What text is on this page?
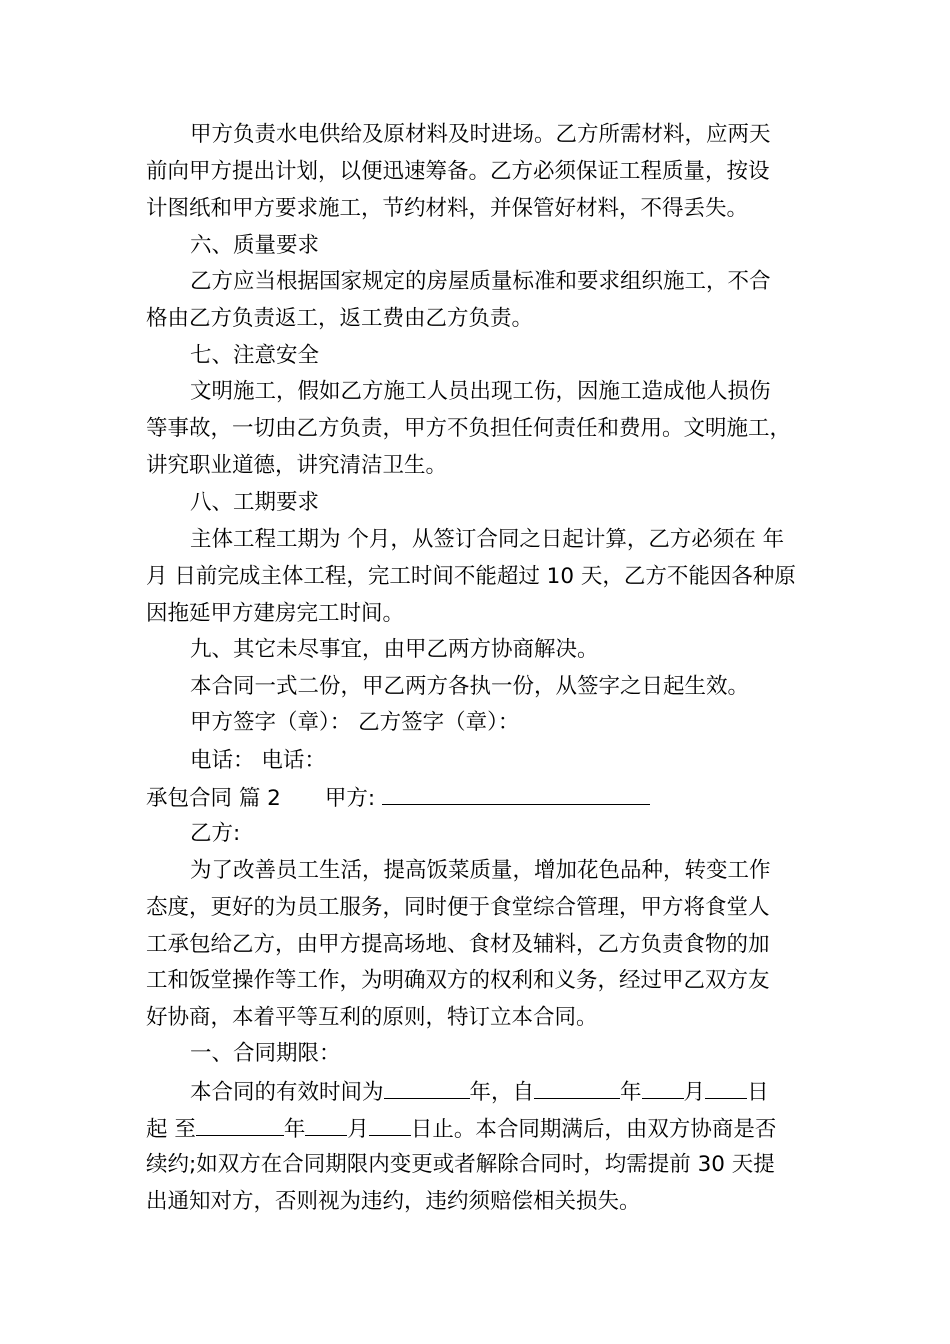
甲方负责水电供给及原材料及时进场。乙方所需材料，应两天
前向甲方提出计划，以便迅速筹备。乙方必须保证工程质量，按设
计图纸和甲方要求施工，节约材料，并保管好材料，不得丢失。
六、质量要求
乙方应当根据国家规定的房屋质量标准和要求组织施工，不合
格由乙方负责返工，返工费由乙方负责。
七、注意安全
文明施工，假如乙方施工人员出现工伤，因施工造成他人损伤
等事故，一切由乙方负责，甲方不负担任何责任和费用。文明施工，
讲究职业道德，讲究清洁卫生。
八、工期要求
主体工程工期为 个月，从签订合同之日起计算，乙方必须在 年
月 日前完成主体工程，完工时间不能超过 10 天，乙方不能因各种原
因拖延甲方建房完工时间。
九、其它未尽事宜，由甲乙两方协商解决。
本合同一式二份，甲乙两方各执一份，从签字之日起生效。
甲方签字（章）： 乙方签字（章）：
电话： 电话：
承包合同 篇 2 甲方:
乙方:
为了改善员工生活，提高饭菜质量，增加花色品种，转变工作
态度，更好的为员工服务，同时便于食堂综合管理，甲方将食堂人
工承包给乙方，由甲方提高场地、食材及辅料，乙方负责食物的加
工和饭堂操作等工作，为明确双方的权利和义务，经过甲乙双方友
好协商，本着平等互利的原则，特订立本合同。
一、合同期限：
本合同的有效时间为	年，自	年 月 日
起 至	年 月 日止。本合同期满后，由双方协商是否
续约;如双方在合同期限内变更或者解除合同时，均需提前 30 天提
出通知对方，否则视为违约，违约须赔偿相关损失。
